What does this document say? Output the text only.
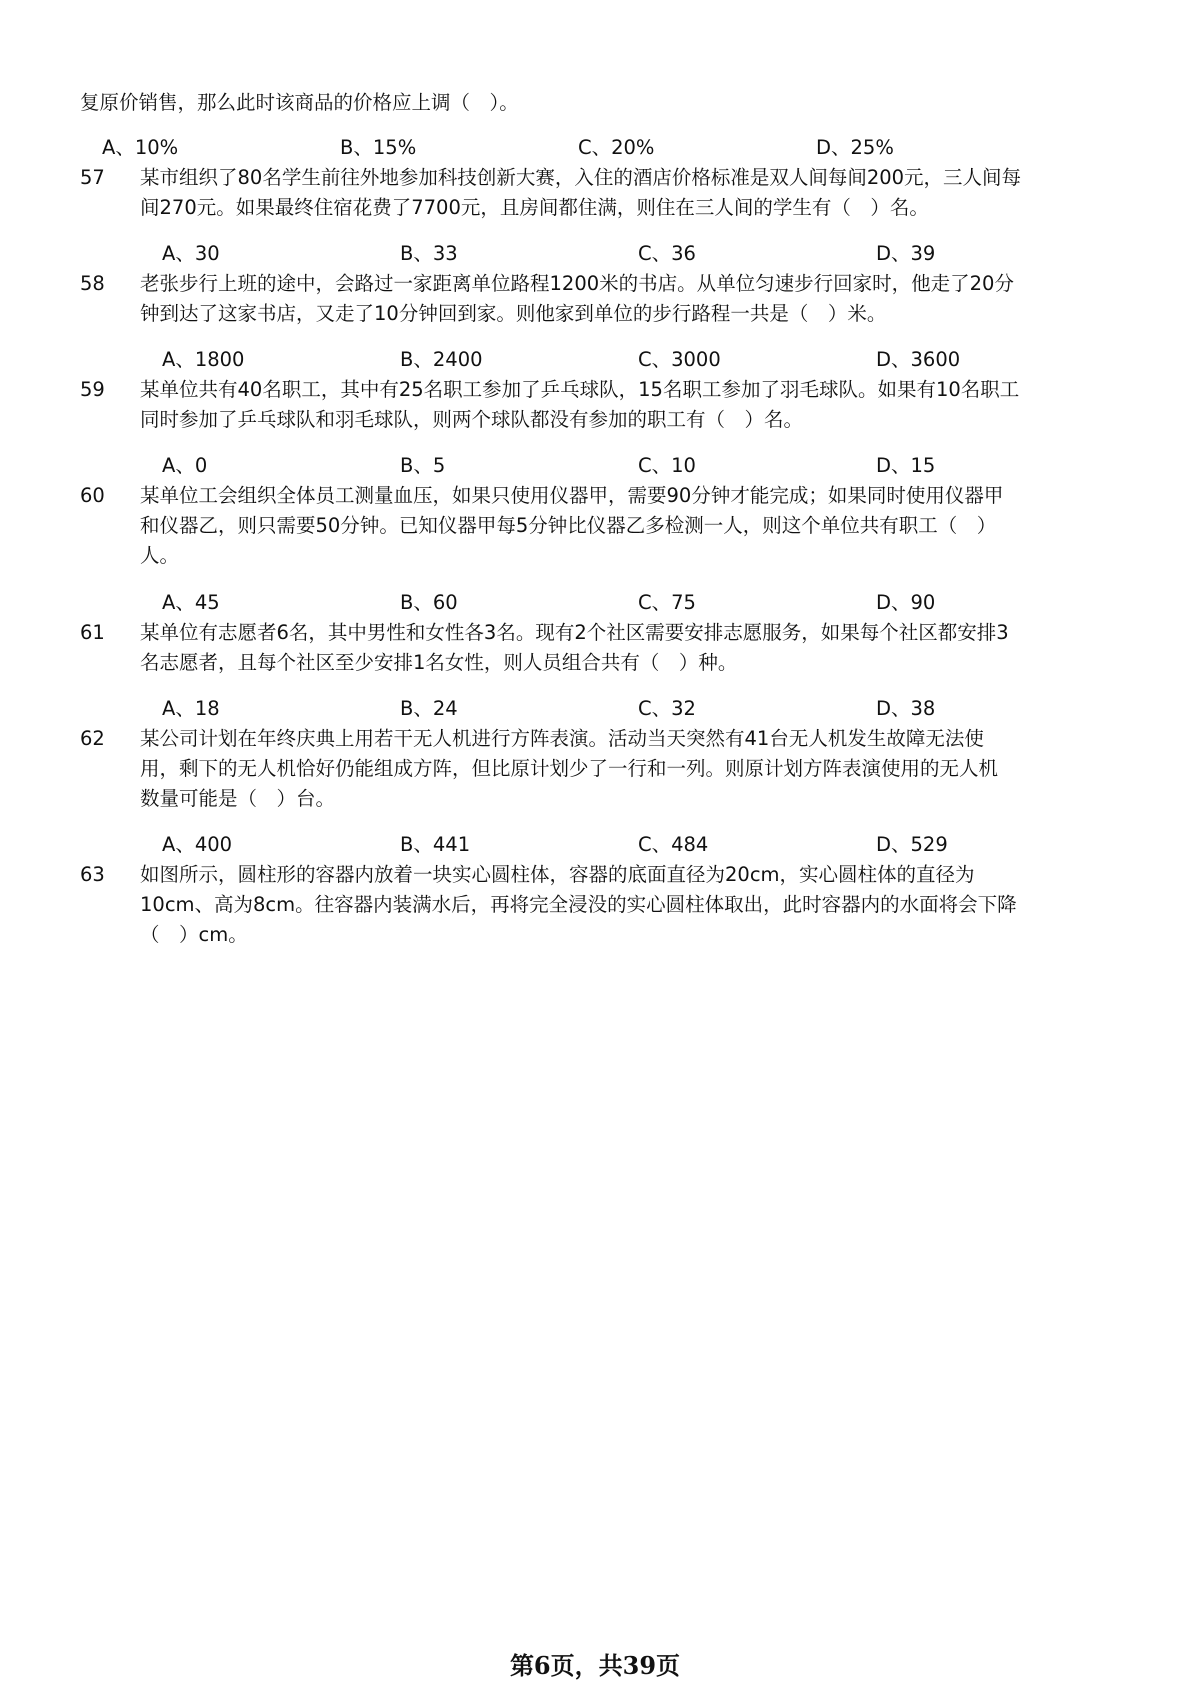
复原价销售，那么此时该商品的价格应上调（　）。
A、10%	B、15%	C、20%	D、25%
57 某市组织了80名学生前往外地参加科技创新大赛，入住的酒店价格标准是双人间每间200元，三人间每
间270元。如果最终住宿花费了7700元，且房间都住满，则住在三人间的学生有（　）名。
A、30	B、33	C、36	D、39
58 老张步行上班的途中，会路过一家距离单位路程1200米的书店。从单位匀速步行回家时，他走了20分
钟到达了这家书店，又走了10分钟回到家。则他家到单位的步行路程一共是（　）米。
A、1800	B、2400	C、3000	D、3600
59 某单位共有40名职工，其中有25名职工参加了乒乓球队，15名职工参加了羽毛球队。如果有10名职工
同时参加了乒乓球队和羽毛球队，则两个球队都没有参加的职工有（　）名。
A、0	B、5	C、10	D、15
60 某单位工会组织全体员工测量血压，如果只使用仪器甲，需要90分钟才能完成；如果同时使用仪器甲
和仪器乙，则只需要50分钟。已知仪器甲每5分钟比仪器乙多检测一人，则这个单位共有职工（　）
人。
A、45	B、60	C、75	D、90
61 某单位有志愿者6名，其中男性和女性各3名。现有2个社区需要安排志愿服务，如果每个社区都安排3
名志愿者，且每个社区至少安排1名女性，则人员组合共有（　）种。
A、18	B、24	C、32	D、38
62 某公司计划在年终庆典上用若干无人机进行方阵表演。活动当天突然有41台无人机发生故障无法使
用，剩下的无人机恰好仍能组成方阵，但比原计划少了一行和一列。则原计划方阵表演使用的无人机
数量可能是（　）台。
A、400	B、441	C、484	D、529
63 如图所示，圆柱形的容器内放着一块实心圆柱体，容器的底面直径为20cm，实心圆柱体的直径为
10cm、高为8cm。往容器内装满水后，再将完全浸没的实心圆柱体取出，此时容器内的水面将会下降
（　）cm。
第6页，共39页
